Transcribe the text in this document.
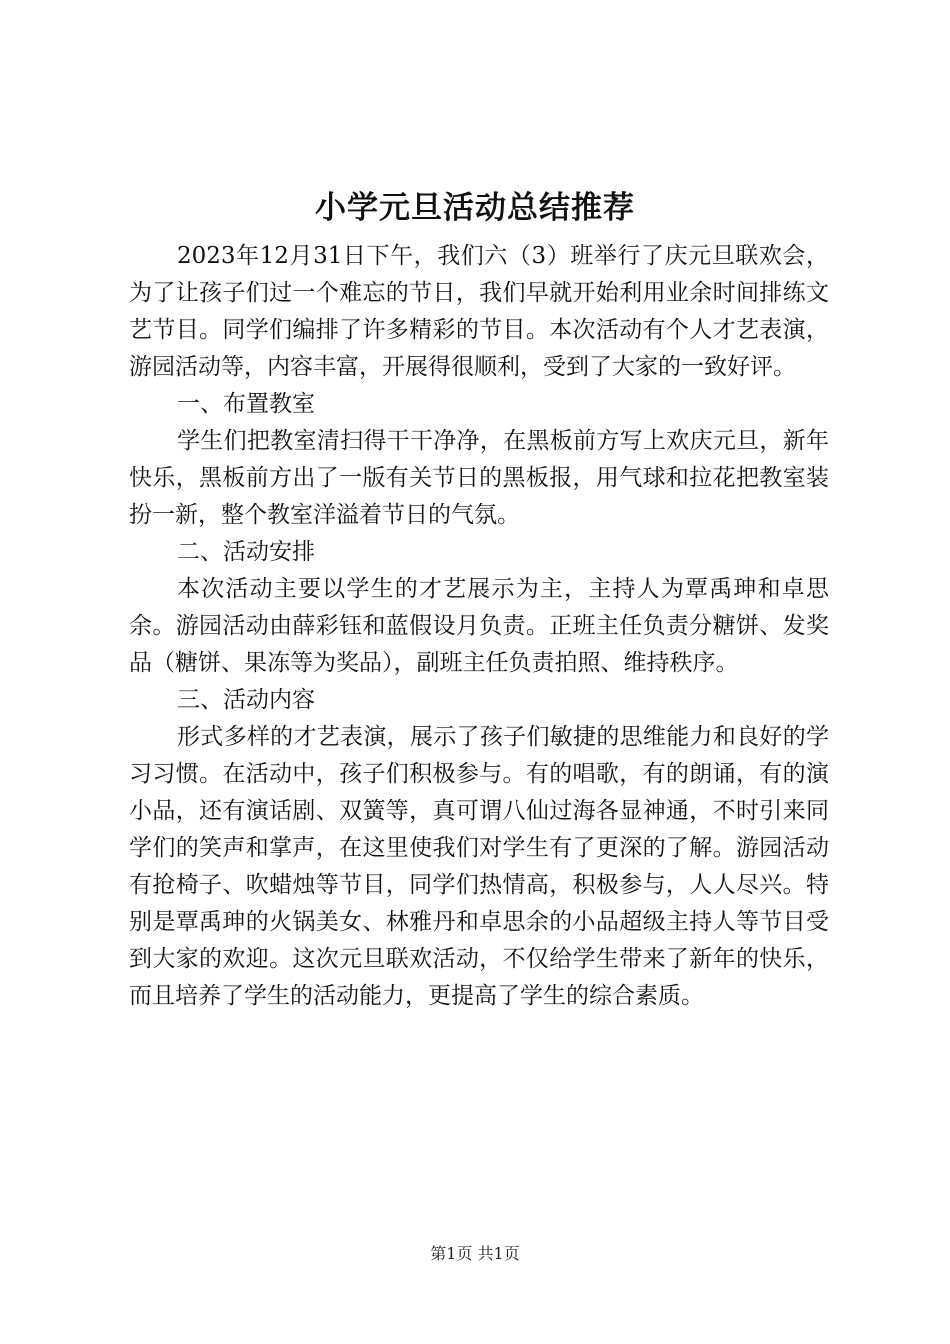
小学元旦活动总结推荐

2023年12月31日下午，我们六（3）班举行了庆元旦联欢会，为了让孩子们过一个难忘的节日，我们早就开始利用业余时间排练文艺节目。同学们编排了许多精彩的节目。本次活动有个人才艺表演，游园活动等，内容丰富，开展得很顺利，受到了大家的一致好评。

一、布置教室

学生们把教室清扫得干干净净，在黑板前方写上欢庆元旦，新年快乐，黑板前方出了一版有关节日的黑板报，用气球和拉花把教室装扮一新，整个教室洋溢着节日的气氛。

二、活动安排

本次活动主要以学生的才艺展示为主，主持人为覃禹珅和卓思余。游园活动由薛彩钰和蓝假设月负责。正班主任负责分糖饼、发奖品（糖饼、果冻等为奖品），副班主任负责拍照、维持秩序。

三、活动内容

形式多样的才艺表演，展示了孩子们敏捷的思维能力和良好的学习习惯。在活动中，孩子们积极参与。有的唱歌，有的朗诵，有的演小品，还有演话剧、双簧等，真可谓八仙过海各显神通，不时引来同学们的笑声和掌声，在这里使我们对学生有了更深的了解。游园活动有抢椅子、吹蜡烛等节目，同学们热情高，积极参与，人人尽兴。特别是覃禹珅的火锅美女、林雅丹和卓思余的小品超级主持人等节目受到大家的欢迎。这次元旦联欢活动，不仅给学生带来了新年的快乐，而且培养了学生的活动能力，更提高了学生的综合素质。

第1页 共1页
